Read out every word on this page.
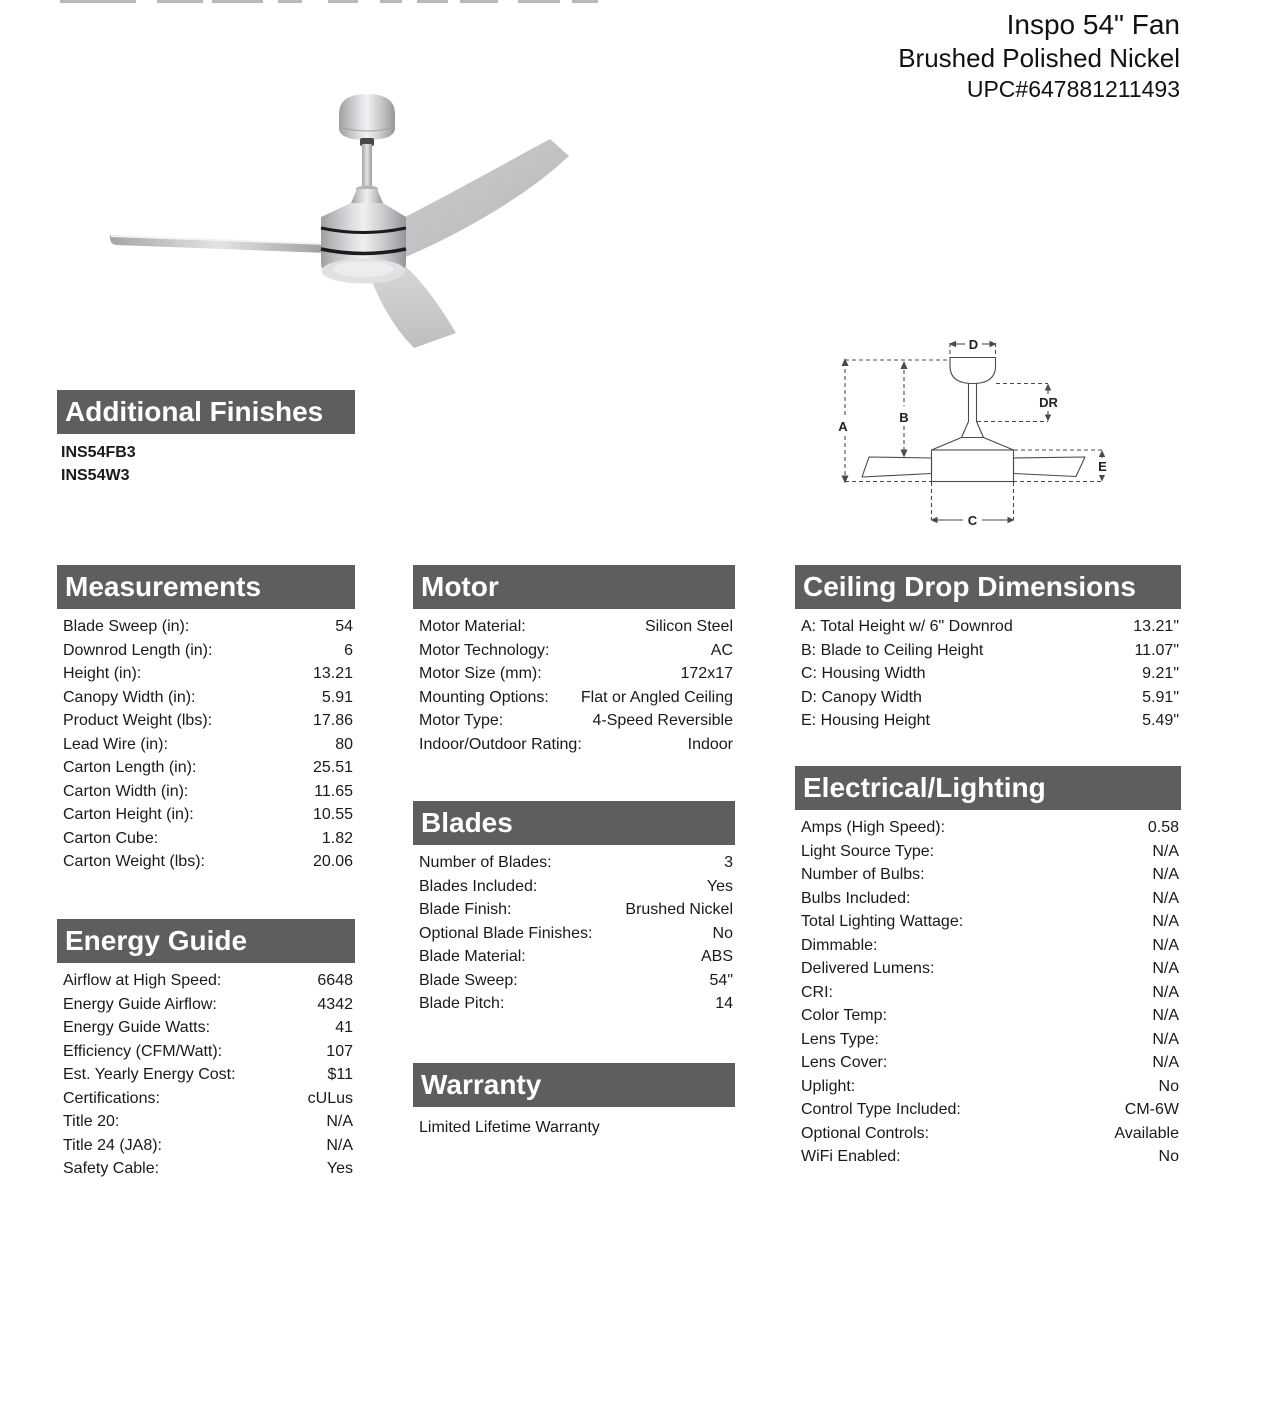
Inspo 54" Fan
Brushed Polished Nickel
UPC#647881211493
A
B
D
DR
E
C
Additional Finishes
INS54FB3
INS54W3
Measurements
Blade Sweep (in):	54
Downrod Length (in):	6
Height (in):	13.21
Canopy Width (in):	5.91
Product Weight (lbs):	17.86
Lead Wire (in):	80
Carton Length (in):	25.51
Carton Width (in):	11.65
Carton Height (in):	10.55
Carton Cube:	1.82
Carton Weight (lbs):	20.06
Energy Guide
Airflow at High Speed:	6648
Energy Guide Airflow:	4342
Energy Guide Watts:	41
Efficiency (CFM/Watt):	107
Est. Yearly Energy Cost:	$11
Certifications:	cULus
Title 20:	N/A
Title 24 (JA8):	N/A
Safety Cable:	Yes
Motor
Motor Material:	Silicon Steel
Motor Technology:	AC
Motor Size (mm):	172x17
Mounting Options: Flat or Angled Ceiling
Motor Type:	4-Speed Reversible
Indoor/Outdoor Rating:	Indoor
Blades
Number of Blades:	3
Blades Included:	Yes
Blade Finish:	Brushed Nickel
Optional Blade Finishes:	No
Blade Material:	ABS
Blade Sweep:	54"
Blade Pitch:	14
Warranty
Limited Lifetime Warranty
Ceiling Drop Dimensions
A: Total Height w/ 6" Downrod	13.21"
B: Blade to Ceiling Height	11.07"
C: Housing Width	9.21"
D: Canopy Width	5.91"
E: Housing Height	5.49"
Electrical/Lighting
Amps (High Speed):	0.58
Light Source Type:	N/A
Number of Bulbs:	N/A
Bulbs Included:	N/A
Total Lighting Wattage:	N/A
Dimmable:	N/A
Delivered Lumens:	N/A
CRI:	N/A
Color Temp:	N/A
Lens Type:	N/A
Lens Cover:	N/A
Uplight:	No
Control Type Included:	CM-6W
Optional Controls:	Available
WiFi Enabled:	No
